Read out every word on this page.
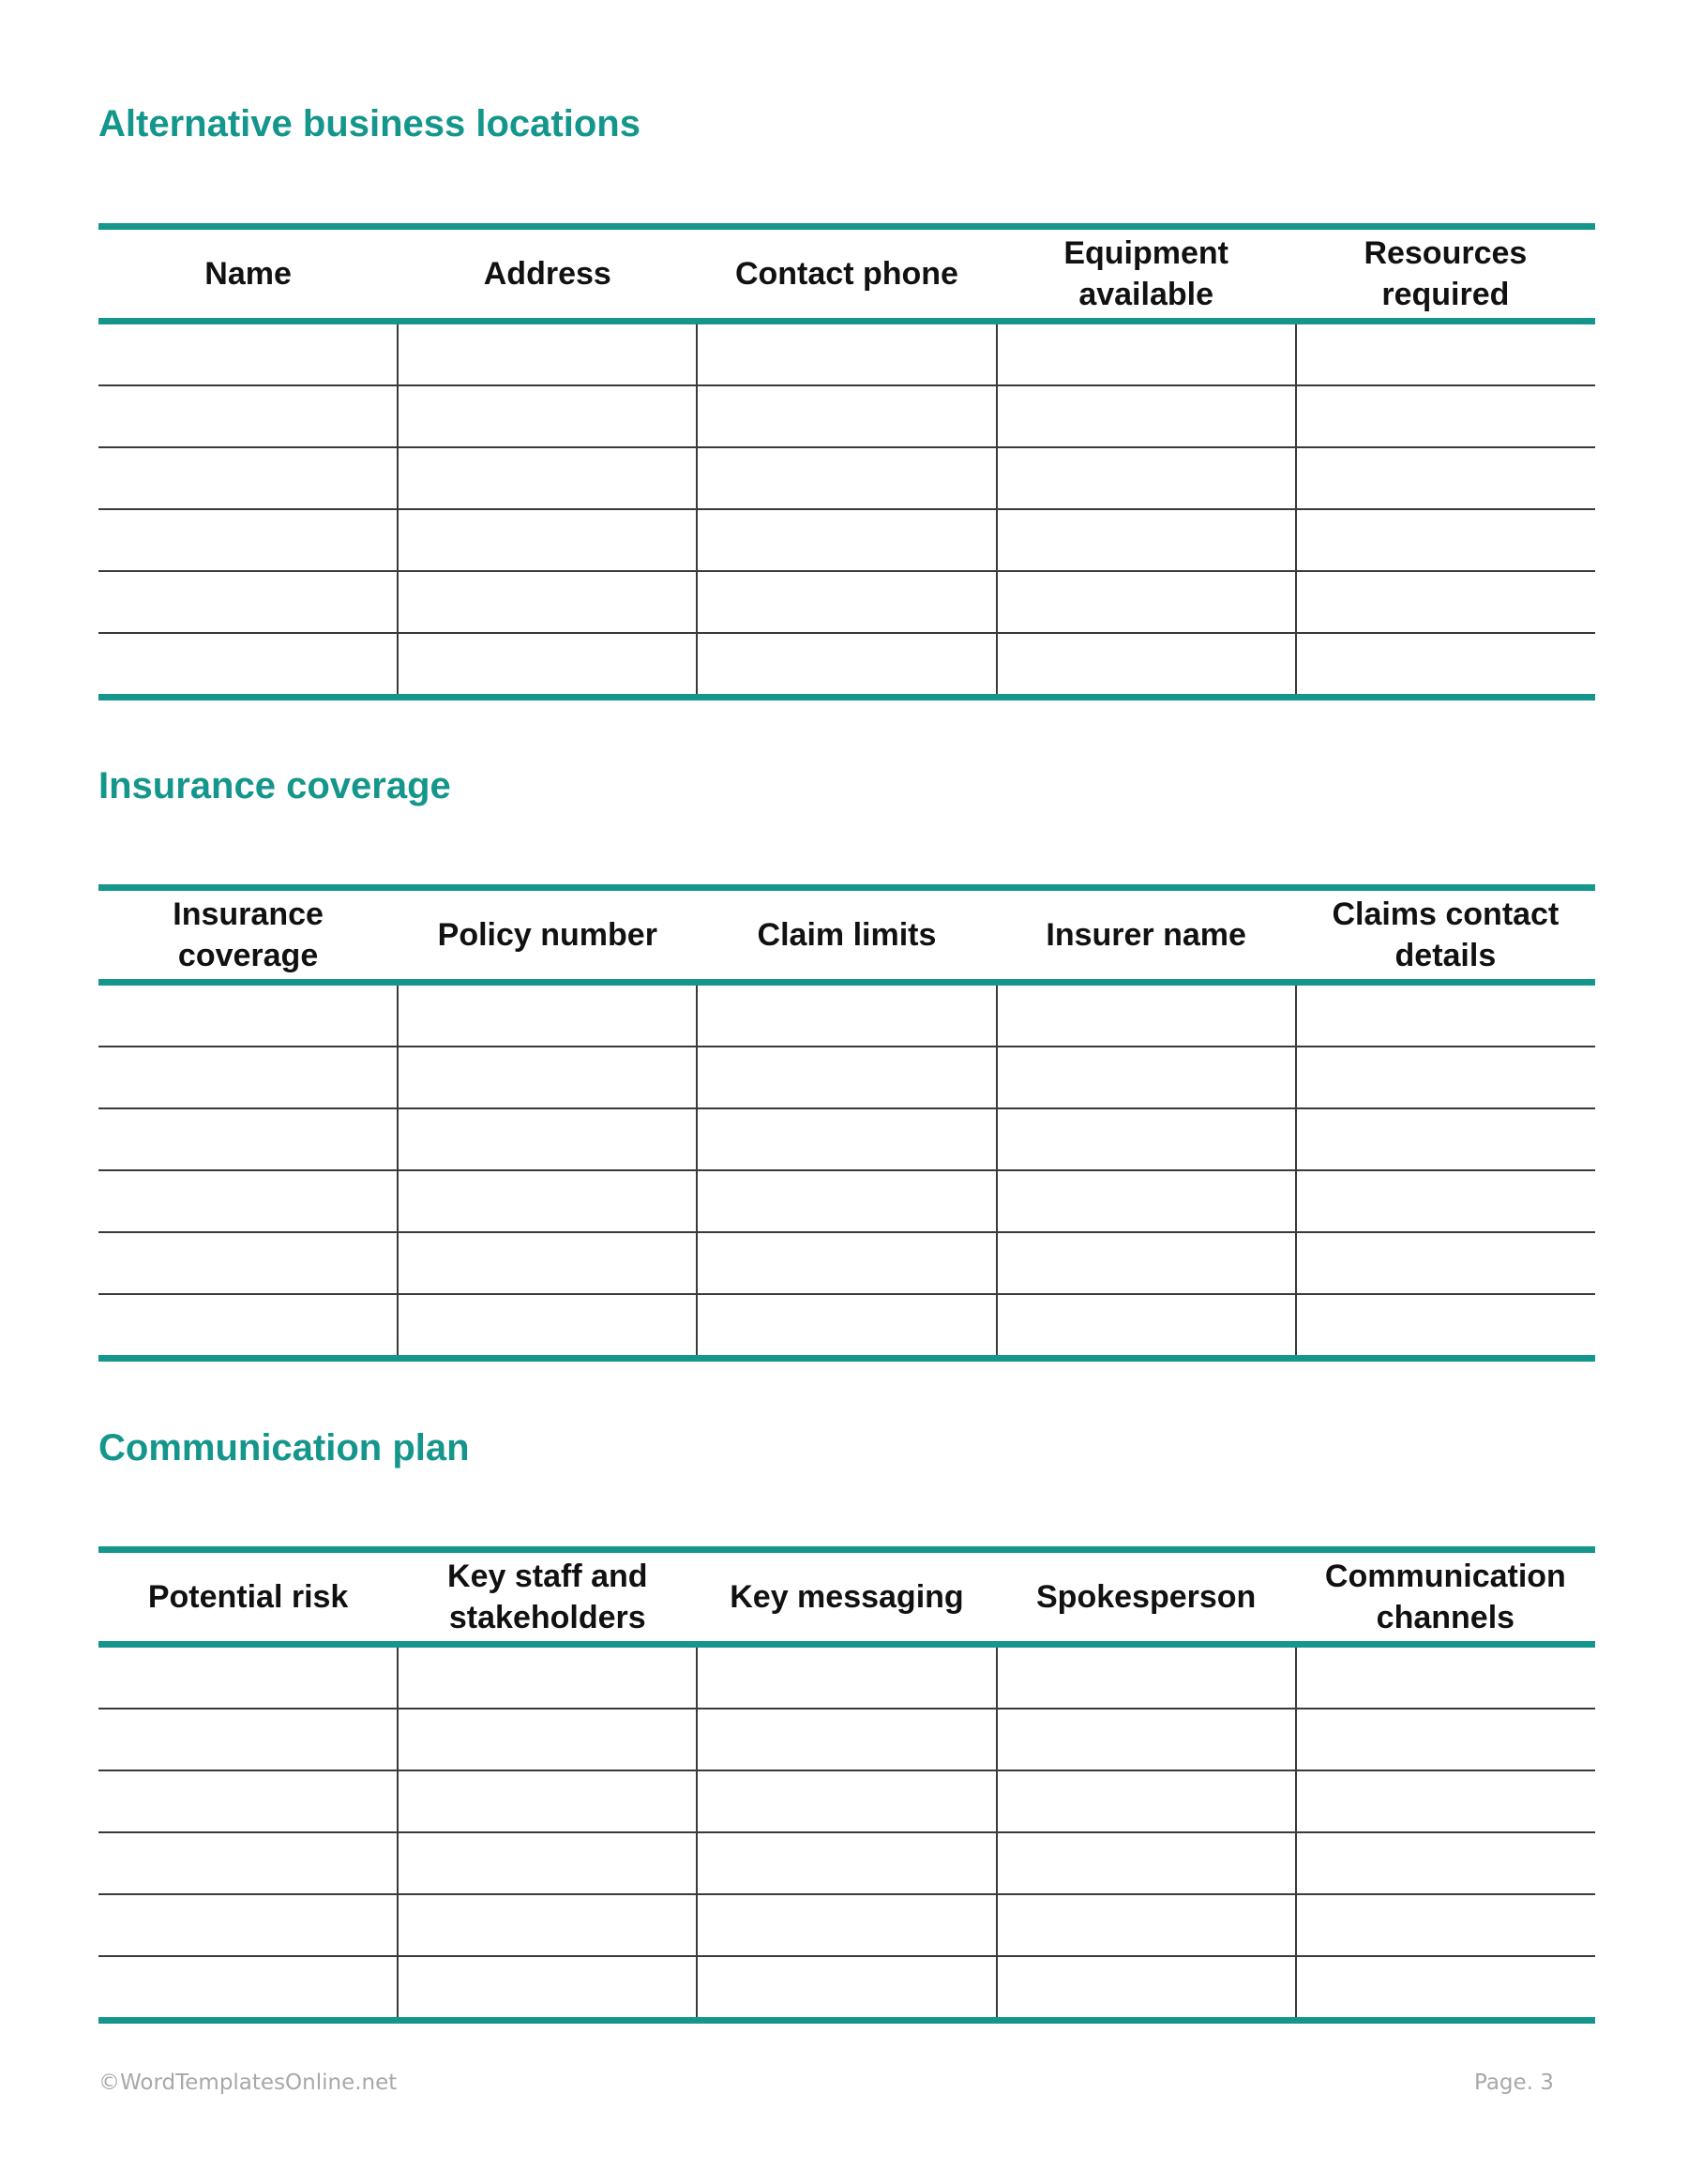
Alternative business locations
Name	Address	Contact phone	Equipment available	Resources required

Insurance coverage
Insurance coverage	Policy number	Claim limits	Insurer name	Claims contact details

Communication plan
Potential risk	Key staff and stakeholders	Key messaging	Spokesperson	Communication channels

©WordTemplatesOnline.net	Page. 3
